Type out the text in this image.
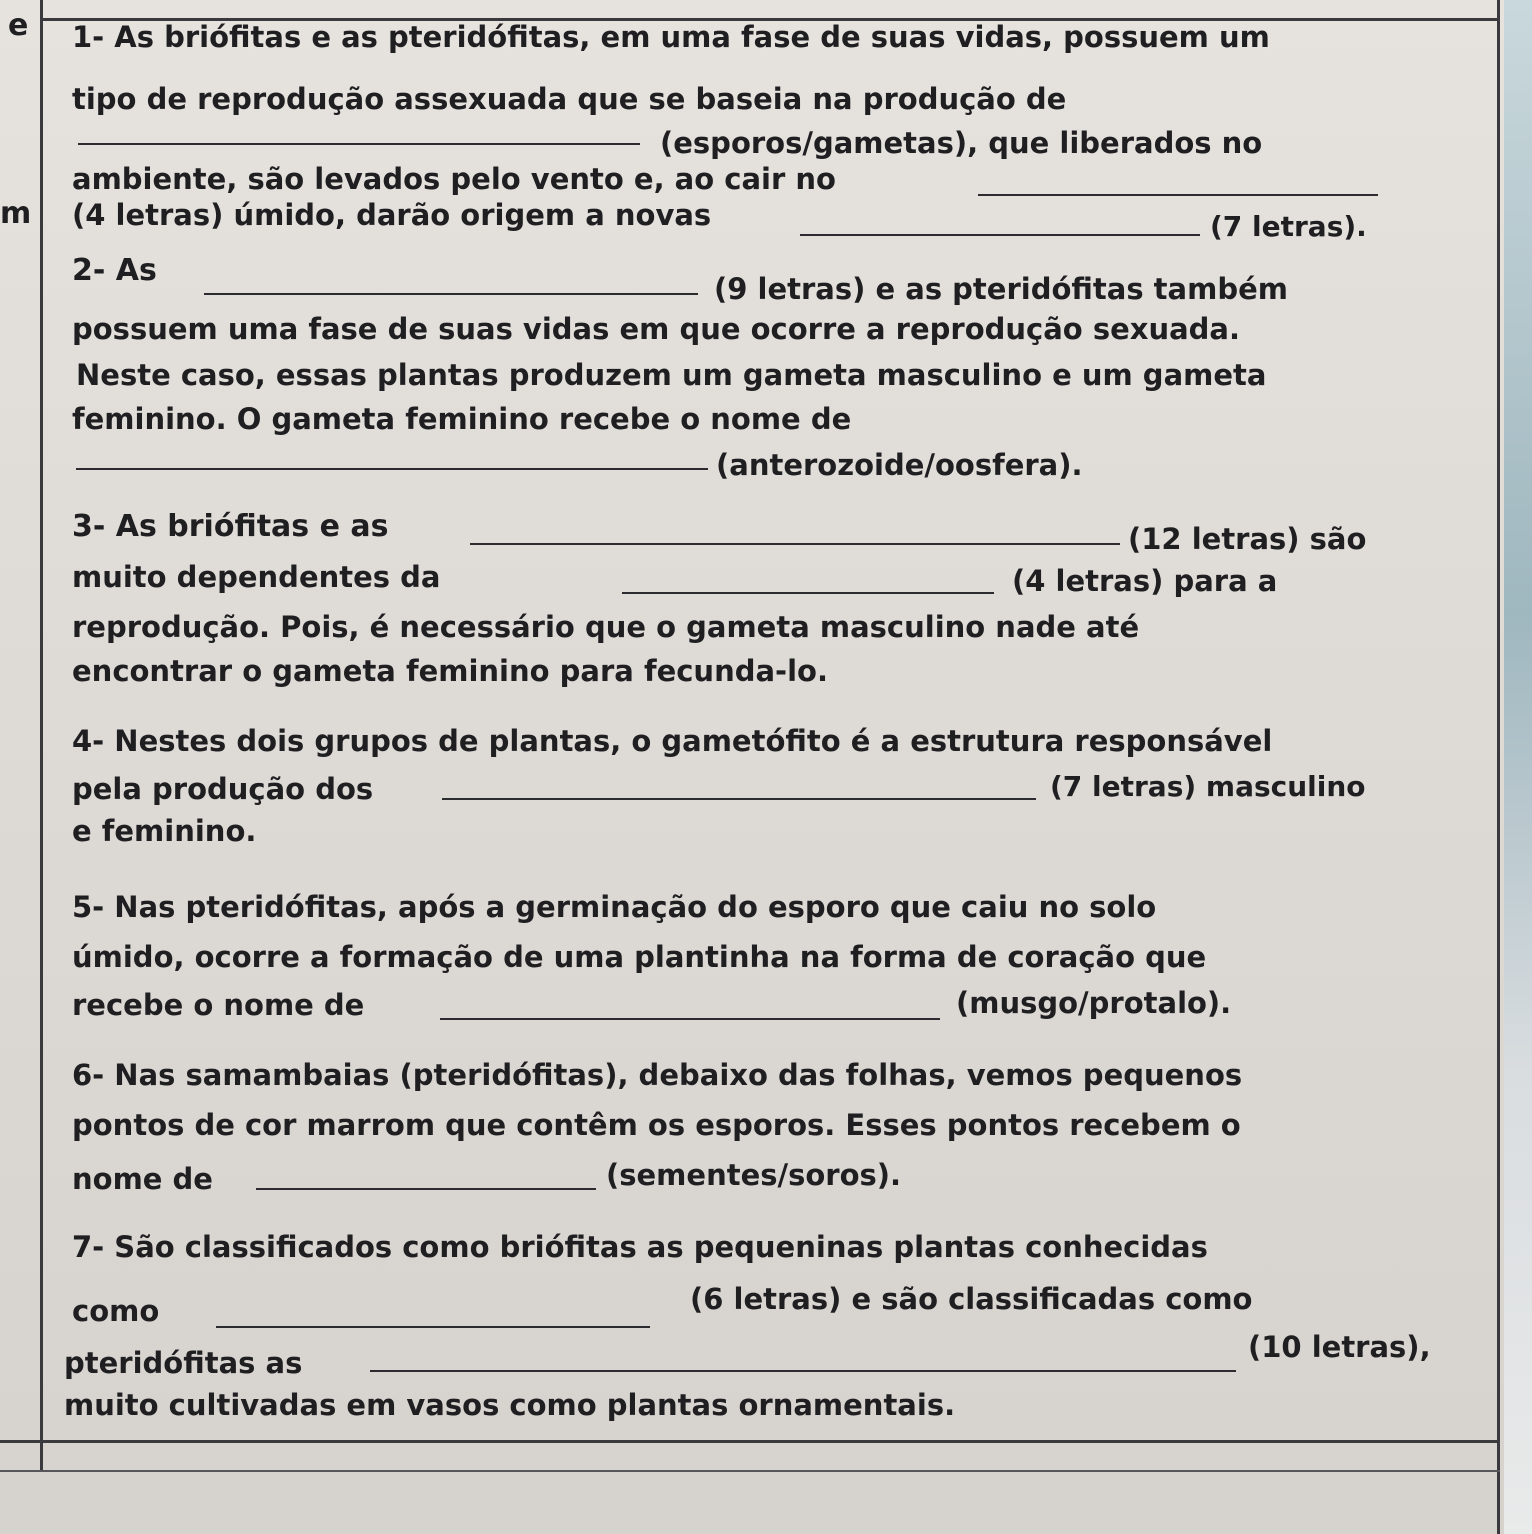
e
m
1- As briófitas e as pteridófitas, em uma fase de suas vidas, possuem um
tipo de reprodução assexuada que se baseia na produção de
(esporos/gametas), que liberados no
ambiente, são levados pelo vento e, ao cair no
(4 letras) úmido, darão origem a novas	(7 letras).
2- As
(9 letras) e as pteridófitas também
possuem uma fase de suas vidas em que ocorre a reprodução sexuada.
Neste caso, essas plantas produzem um gameta masculino e um gameta
feminino. O gameta feminino recebe o nome de
(anterozoide/oosfera).
3- As briófitas e as	(12 letras) são
muito dependentes da	(4 letras) para a
reprodução. Pois, é necessário que o gameta masculino nade até
encontrar o gameta feminino para fecunda-lo.
4- Nestes dois grupos de plantas, o gametófito é a estrutura responsável
pela produção dos	(7 letras) masculino
e feminino.
5- Nas pteridófitas, após a germinação do esporo que caiu no solo
úmido, ocorre a formação de uma plantinha na forma de coração que
recebe o nome de	(musgo/protalo).
6- Nas samambaias (pteridófitas), debaixo das folhas, vemos pequenos
pontos de cor marrom que contêm os esporos. Esses pontos recebem o
nome de	(sementes/soros).
7- São classificados como briófitas as pequeninas plantas conhecidas
como	(6 letras) e são classificadas como
pteridófitas as	(10 letras),
muito cultivadas em vasos como plantas ornamentais.
